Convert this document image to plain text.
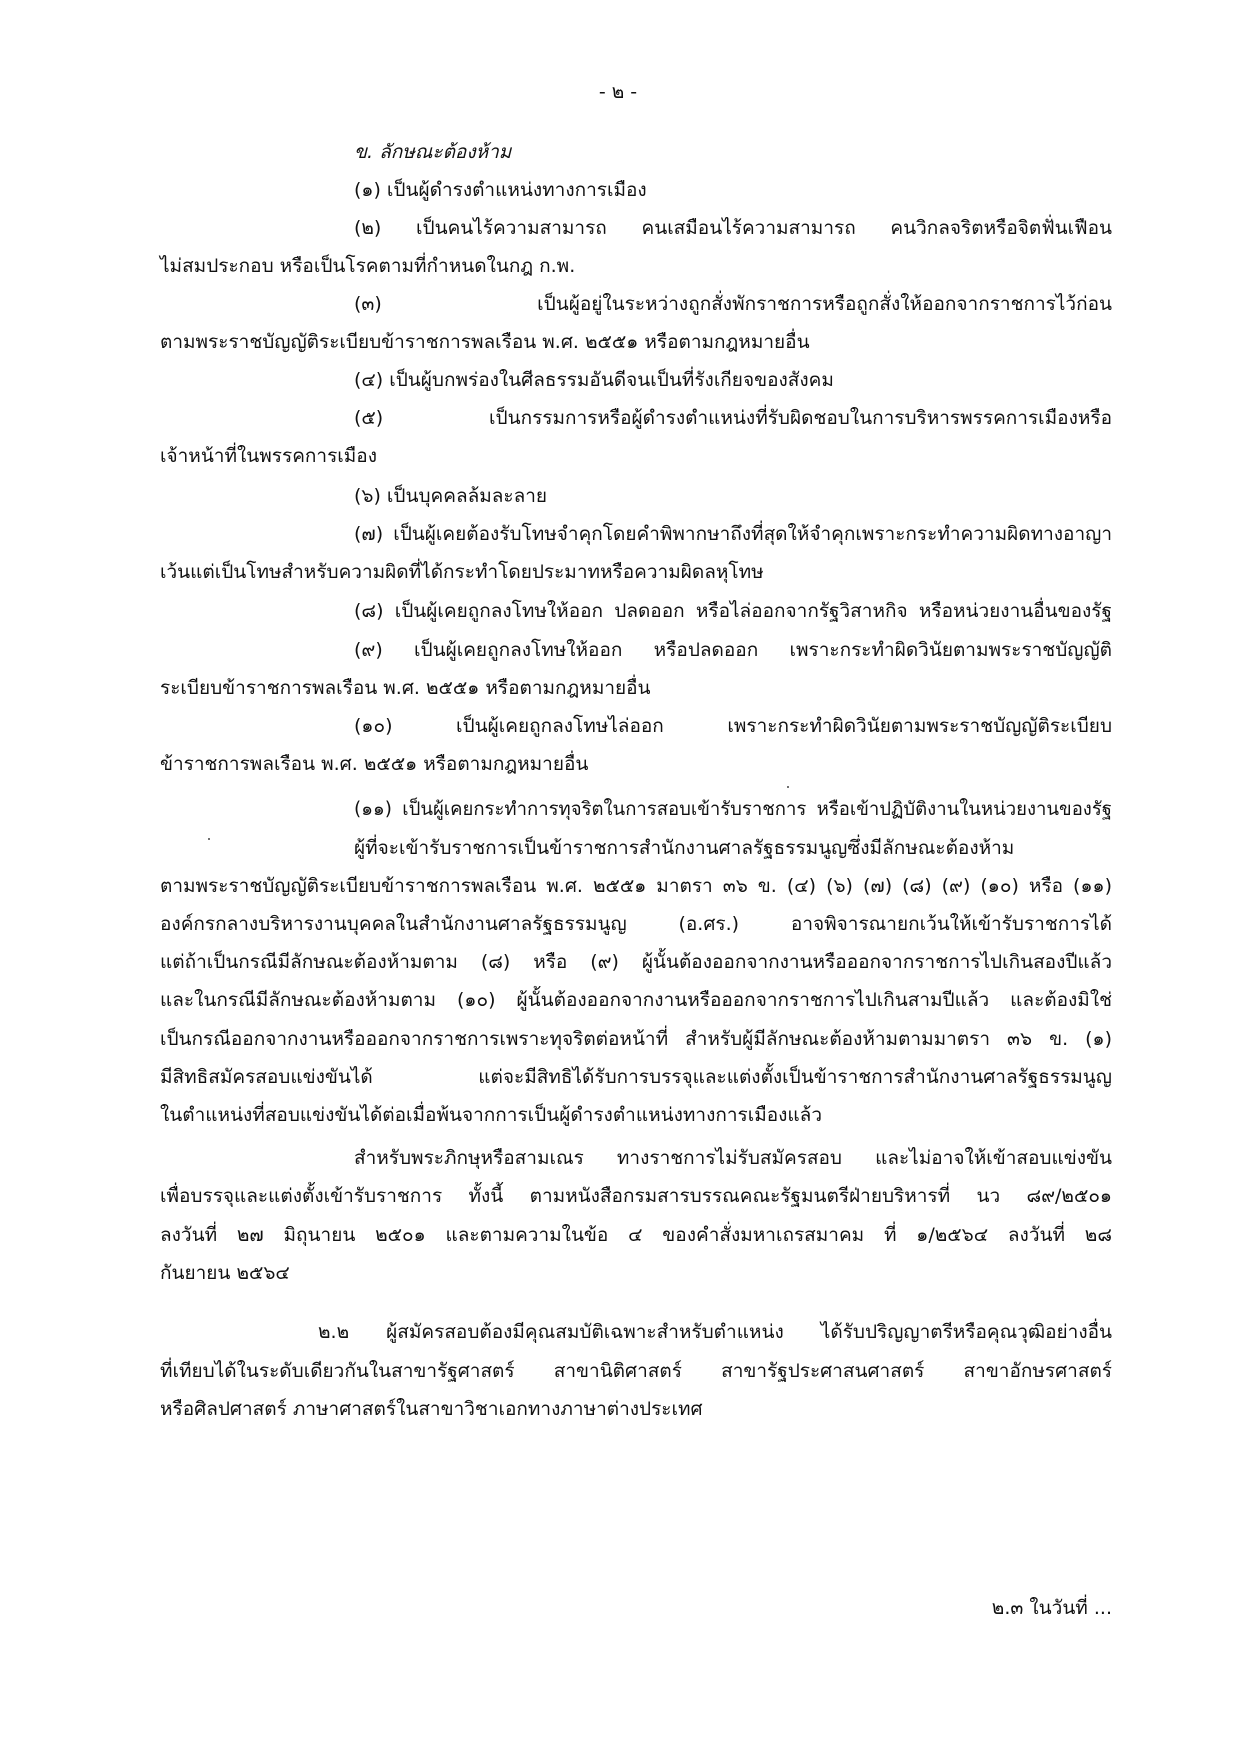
- ๒ -
ข. ลักษณะต้องห้าม
(๑) เป็นผู้ดำรงตำแหน่งทางการเมือง
(๒) เป็นคนไร้ความสามารถ คนเสมือนไร้ความสามารถ คนวิกลจริตหรือจิตฟั่นเฟือน
ไม่สมประกอบ หรือเป็นโรคตามที่กำหนดในกฎ ก.พ.
(๓) เป็นผู้อยู่ในระหว่างถูกสั่งพักราชการหรือถูกสั่งให้ออกจากราชการไว้ก่อน
ตามพระราชบัญญัติระเบียบข้าราชการพลเรือน พ.ศ. ๒๕๕๑ หรือตามกฎหมายอื่น
(๔) เป็นผู้บกพร่องในศีลธรรมอันดีจนเป็นที่รังเกียจของสังคม
(๕) เป็นกรรมการหรือผู้ดำรงตำแหน่งที่รับผิดชอบในการบริหารพรรคการเมืองหรือ
เจ้าหน้าที่ในพรรคการเมือง
(๖) เป็นบุคคลล้มละลาย
(๗) เป็นผู้เคยต้องรับโทษจำคุกโดยคำพิพากษาถึงที่สุดให้จำคุกเพราะกระทำความผิดทางอาญา
เว้นแต่เป็นโทษสำหรับความผิดที่ได้กระทำโดยประมาทหรือความผิดลหุโทษ
(๘) เป็นผู้เคยถูกลงโทษให้ออก ปลดออก หรือไล่ออกจากรัฐวิสาหกิจ หรือหน่วยงานอื่นของรัฐ
(๙) เป็นผู้เคยถูกลงโทษให้ออก หรือปลดออก เพราะกระทำผิดวินัยตามพระราชบัญญัติ
ระเบียบข้าราชการพลเรือน พ.ศ. ๒๕๕๑ หรือตามกฎหมายอื่น
(๑๐) เป็นผู้เคยถูกลงโทษไล่ออก เพราะกระทำผิดวินัยตามพระราชบัญญัติระเบียบ
ข้าราชการพลเรือน พ.ศ. ๒๕๕๑ หรือตามกฎหมายอื่น
(๑๑) เป็นผู้เคยกระทำการทุจริตในการสอบเข้ารับราชการ หรือเข้าปฏิบัติงานในหน่วยงานของรัฐ
ผู้ที่จะเข้ารับราชการเป็นข้าราชการสำนักงานศาลรัฐธรรมนูญซึ่งมีลักษณะต้องห้าม
ตามพระราชบัญญัติระเบียบข้าราชการพลเรือน พ.ศ. ๒๕๕๑ มาตรา ๓๖ ข. (๔) (๖) (๗) (๘) (๙) (๑๐) หรือ (๑๑)
องค์กรกลางบริหารงานบุคคลในสำนักงานศาลรัฐธรรมนูญ (อ.ศร.) อาจพิจารณายกเว้นให้เข้ารับราชการได้
แต่ถ้าเป็นกรณีมีลักษณะต้องห้ามตาม (๘) หรือ (๙) ผู้นั้นต้องออกจากงานหรือออกจากราชการไปเกินสองปีแล้ว
และในกรณีมีลักษณะต้องห้ามตาม (๑๐) ผู้นั้นต้องออกจากงานหรือออกจากราชการไปเกินสามปีแล้ว และต้องมิใช่
เป็นกรณีออกจากงานหรือออกจากราชการเพราะทุจริตต่อหน้าที่ สำหรับผู้มีลักษณะต้องห้ามตามมาตรา ๓๖ ข. (๑)
มีสิทธิสมัครสอบแข่งขันได้ แต่จะมีสิทธิได้รับการบรรจุและแต่งตั้งเป็นข้าราชการสำนักงานศาลรัฐธรรมนูญ
ในตำแหน่งที่สอบแข่งขันได้ต่อเมื่อพ้นจากการเป็นผู้ดำรงตำแหน่งทางการเมืองแล้ว
สำหรับพระภิกษุหรือสามเณร ทางราชการไม่รับสมัครสอบ และไม่อาจให้เข้าสอบแข่งขัน
เพื่อบรรจุและแต่งตั้งเข้ารับราชการ ทั้งนี้ ตามหนังสือกรมสารบรรณคณะรัฐมนตรีฝ่ายบริหารที่ นว ๘๙/๒๕๐๑
ลงวันที่ ๒๗ มิถุนายน ๒๕๐๑ และตามความในข้อ ๔ ของคำสั่งมหาเถรสมาคม ที่ ๑/๒๕๖๔ ลงวันที่ ๒๘
กันยายน ๒๕๖๔
๒.๒ ผู้สมัครสอบต้องมีคุณสมบัติเฉพาะสำหรับตำแหน่ง ได้รับปริญญาตรีหรือคุณวุฒิอย่างอื่น
ที่เทียบได้ในระดับเดียวกันในสาขารัฐศาสตร์ สาขานิติศาสตร์ สาขารัฐประศาสนศาสตร์ สาขาอักษรศาสตร์
หรือศิลปศาสตร์ ภาษาศาสตร์ในสาขาวิชาเอกทางภาษาต่างประเทศ
๒.๓ ในวันที่ ...
